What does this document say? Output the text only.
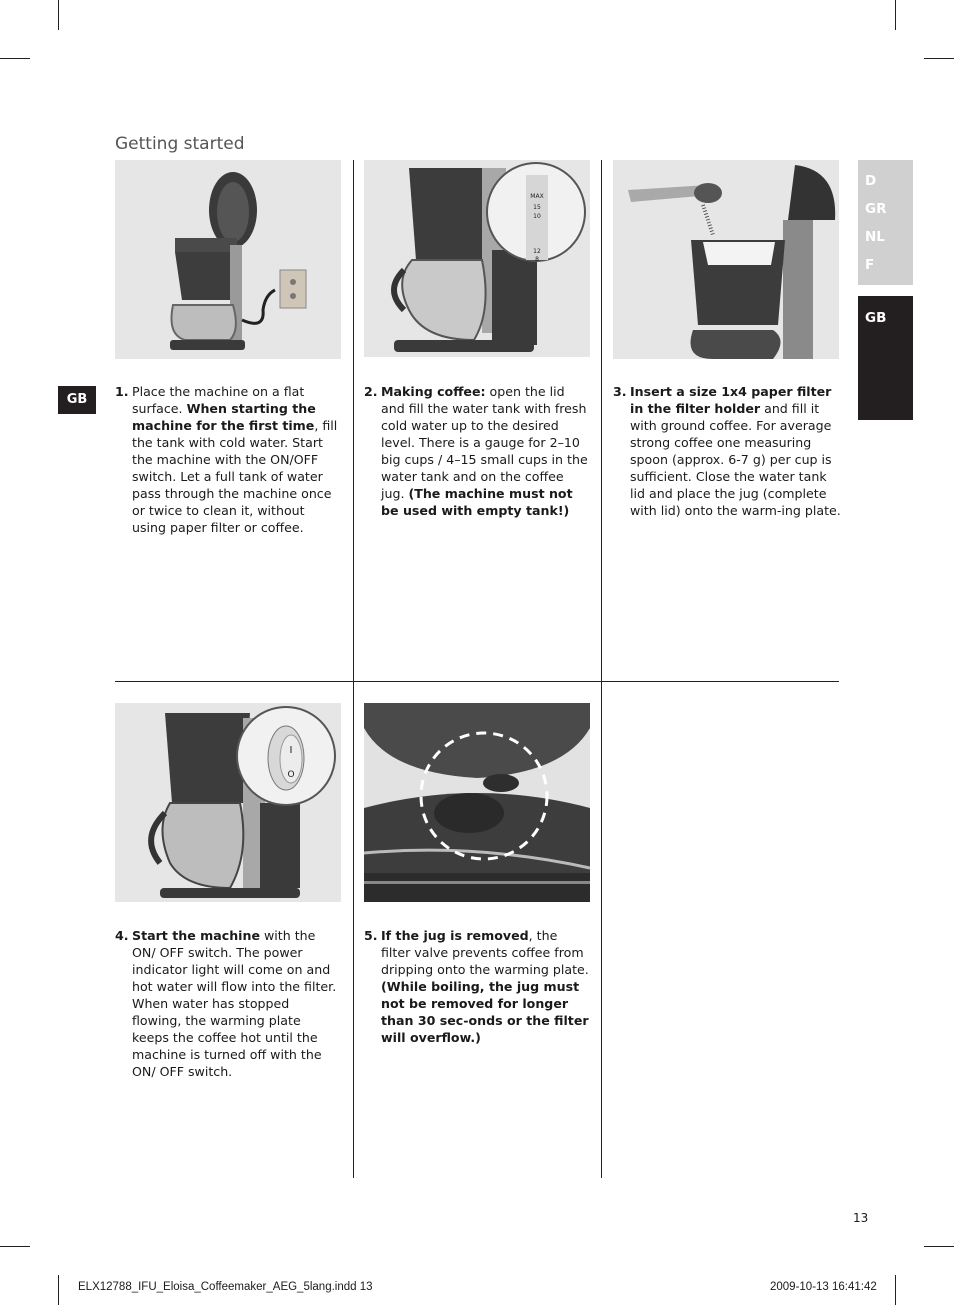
Getting started
D
GR
NL
F
GB
GB
MAX
15
10
12
8
I
O
1. Place the machine on a flat surface. When starting the machine for the first time, fill the tank with cold water. Start the machine with the ON/OFF switch. Let a full tank of water pass through the machine once or twice to clean it, without using paper filter or coffee.
2. Making coffee: open the lid and fill the water tank with fresh cold water up to the desired level. There is a gauge for 2–10 big cups / 4–15 small cups in the water tank and on the coffee jug. (The machine must not be used with empty tank!)
3. Insert a size 1x4 paper filter in the filter holder and fill it with ground coffee. For average strong coffee one measuring spoon (approx. 6-7 g) per cup is sufficient. Close the water tank lid and place the jug (complete with lid) onto the warm-ing plate.
4. Start the machine with the ON/ OFF switch. The power indicator light will come on and hot water will flow into the filter. When water has stopped flowing, the warming plate keeps the coffee hot until the machine is turned off with the ON/ OFF switch.
5. If the jug is removed, the filter valve prevents coffee from dripping onto the warming plate. (While boiling, the jug must not be removed for longer than 30 sec-onds or the filter will overflow.)
13
ELX12788_IFU_Eloisa_Coffeemaker_AEG_5lang.indd 13	2009-10-13 16:41:42
